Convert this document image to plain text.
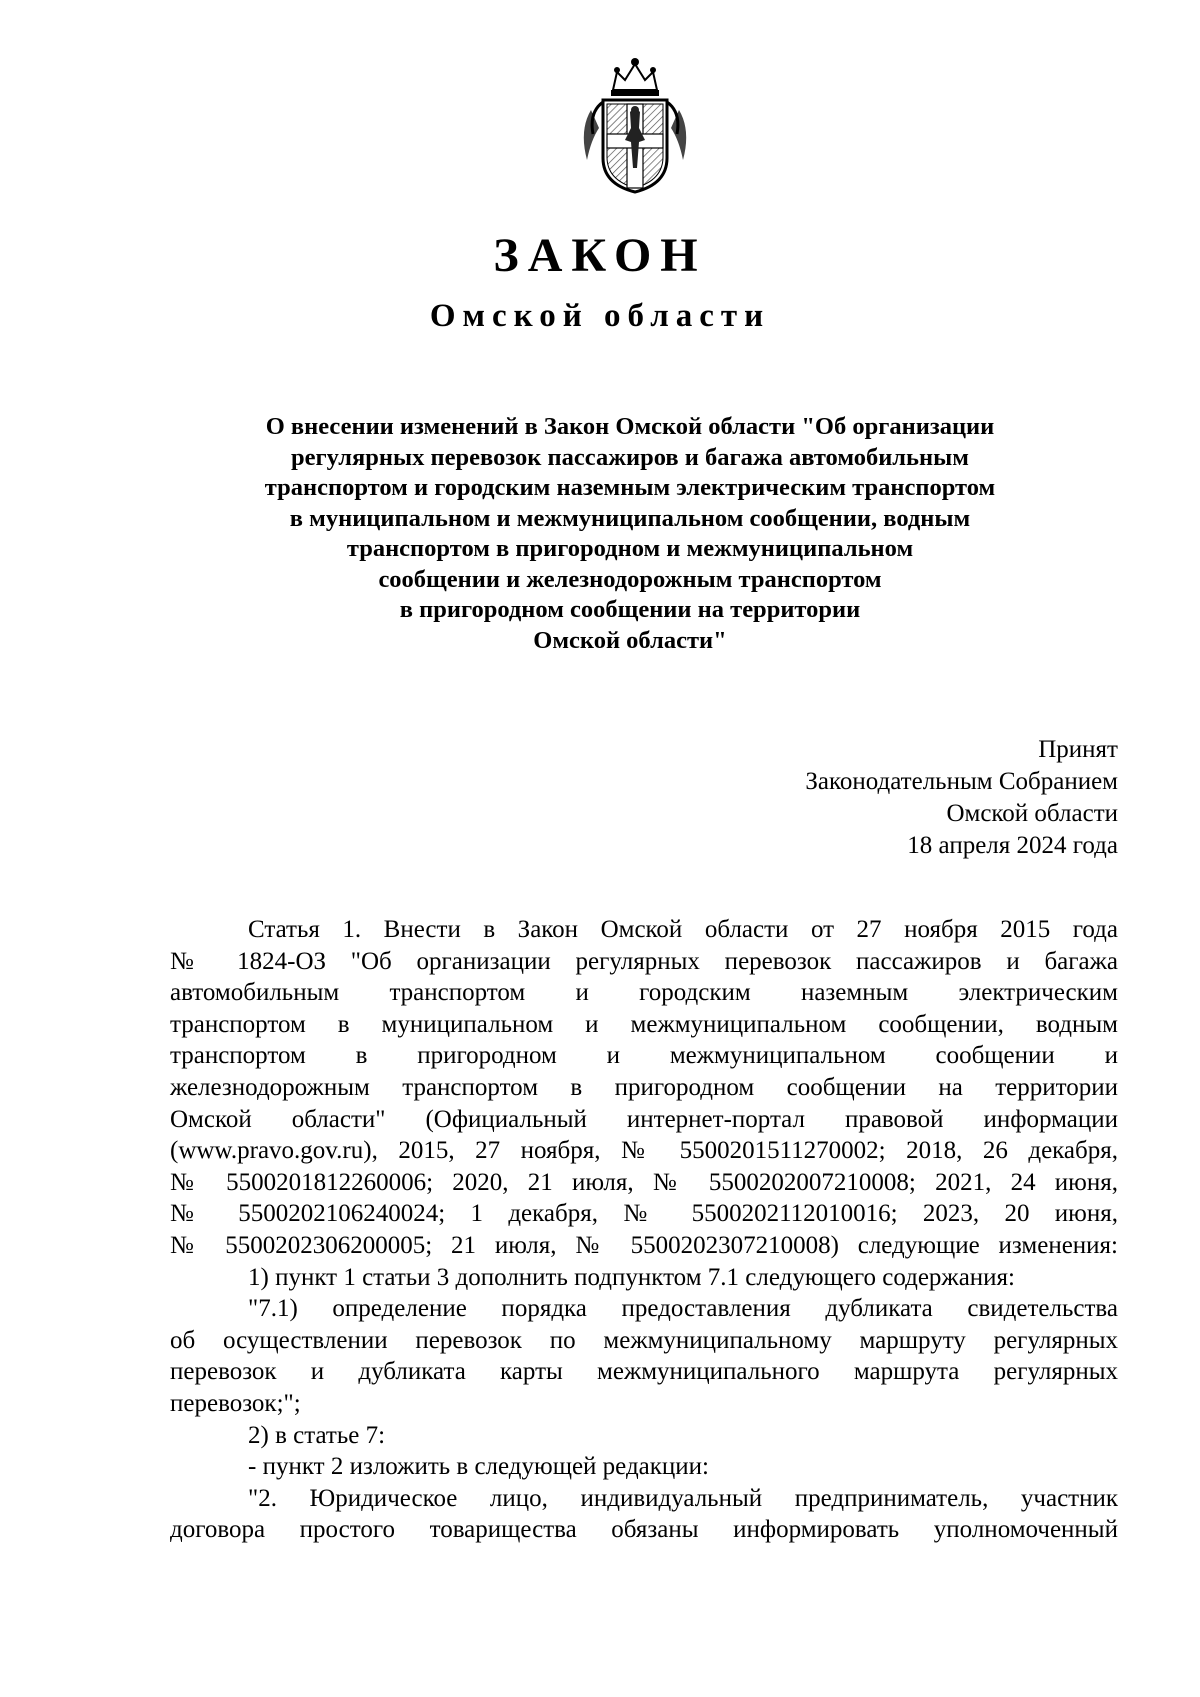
ЗАКОН
Омской области
О внесении изменений в Закон Омской области "Об организации
регулярных перевозок пассажиров и багажа автомобильным
транспортом и городским наземным электрическим транспортом
в муниципальном и межмуниципальном сообщении, водным
транспортом в пригородном и межмуниципальном
сообщении и железнодорожным транспортом
в пригородном сообщении на территории
Омской области"
Принят
Законодательным Собранием
Омской области
18 апреля 2024 года
Статья 1. Внести в Закон Омской области от 27 ноября 2015 года
№ 1824-ОЗ "Об организации регулярных перевозок пассажиров и багажа
автомобильным транспортом и городским наземным электрическим
транспортом в муниципальном и межмуниципальном сообщении, водным
транспортом в пригородном и межмуниципальном сообщении и
железнодорожным транспортом в пригородном сообщении на территории
Омской области" (Официальный интернет-портал правовой информации
(www.pravo.gov.ru), 2015, 27 ноября, № 5500201511270002; 2018, 26 декабря,
№ 5500201812260006; 2020, 21 июля, № 5500202007210008; 2021, 24 июня,
№ 5500202106240024; 1 декабря, № 5500202112010016; 2023, 20 июня,
№ 5500202306200005; 21 июля, № 5500202307210008) следующие изменения:
1) пункт 1 статьи 3 дополнить подпунктом 7.1 следующего содержания:
"7.1) определение порядка предоставления дубликата свидетельства
об осуществлении перевозок по межмуниципальному маршруту регулярных
перевозок и дубликата карты межмуниципального маршрута регулярных
перевозок;";
2) в статье 7:
- пункт 2 изложить в следующей редакции:
"2. Юридическое лицо, индивидуальный предприниматель, участник
договора простого товарищества обязаны информировать уполномоченный
